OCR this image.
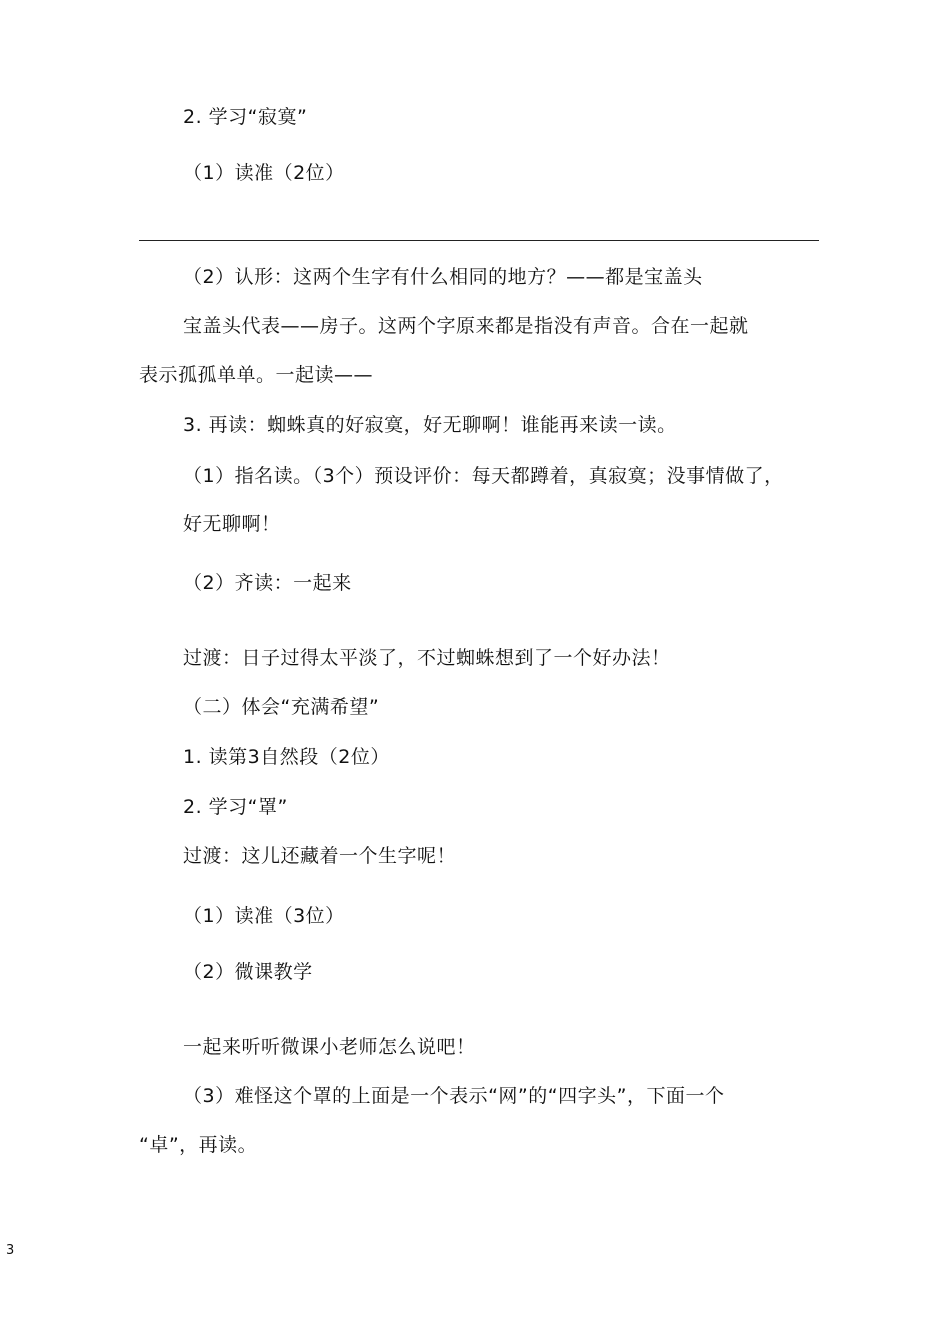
2. 学习“寂寞”
（1）读准（2位）
（2）认形：这两个生字有什么相同的地方？——都是宝盖头
宝盖头代表——房子。这两个字原来都是指没有声音。合在一起就
表示孤孤单单。一起读——
3. 再读：蜘蛛真的好寂寞，好无聊啊！谁能再来读一读。
（1）指名读。（3个）预设评价：每天都蹲着，真寂寞；没事情做了，
好无聊啊！
（2）齐读：一起来
过渡：日子过得太平淡了，不过蜘蛛想到了一个好办法！
（二）体会“充满希望”
1. 读第3自然段（2位）
2. 学习“罩”
过渡：这儿还藏着一个生字呢！
（1）读准（3位）
（2）微课教学
一起来听听微课小老师怎么说吧！
（3）难怪这个罩的上面是一个表示“网”的“四字头”，下面一个
“卓”，再读。
3
